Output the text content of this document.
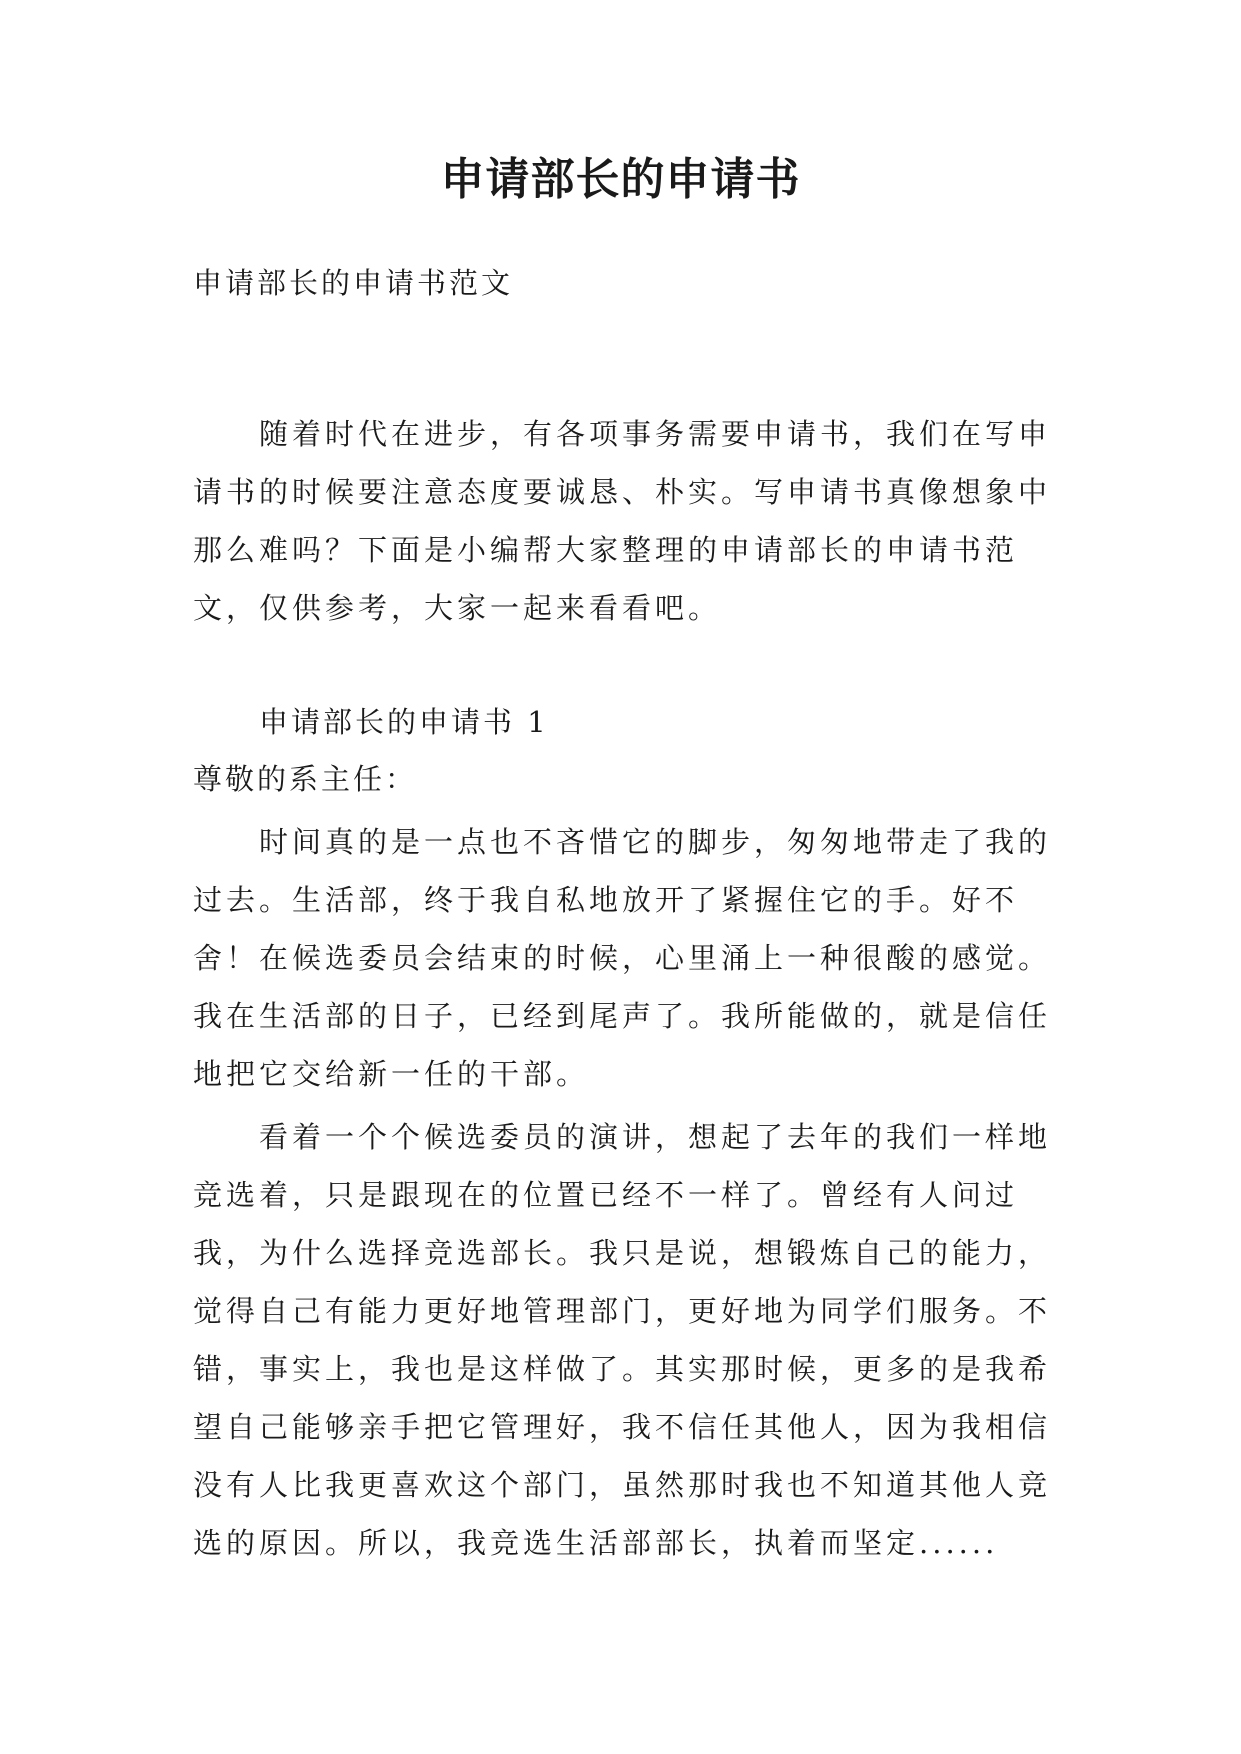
申请部长的申请书

申请部长的申请书范文

随着时代在进步，有各项事务需要申请书，我们在写申请书的时候要注意态度要诚恳、朴实。写申请书真像想象中那么难吗？下面是小编帮大家整理的申请部长的申请书范文，仅供参考，大家一起来看看吧。

申请部长的申请书 1

尊敬的系主任：

时间真的是一点也不吝惜它的脚步，匆匆地带走了我的过去。生活部，终于我自私地放开了紧握住它的手。好不舍！在候选委员会结束的时候，心里涌上一种很酸的感觉。我在生活部的日子，已经到尾声了。我所能做的，就是信任地把它交给新一任的干部。

看着一个个候选委员的演讲，想起了去年的我们一样地竞选着，只是跟现在的位置已经不一样了。曾经有人问过我，为什么选择竞选部长。我只是说，想锻炼自己的能力，觉得自己有能力更好地管理部门，更好地为同学们服务。不错，事实上，我也是这样做了。其实那时候，更多的是我希望自己能够亲手把它管理好，我不信任其他人，因为我相信没有人比我更喜欢这个部门，虽然那时我也不知道其他人竞选的原因。所以，我竞选生活部部长，执着而坚定......
